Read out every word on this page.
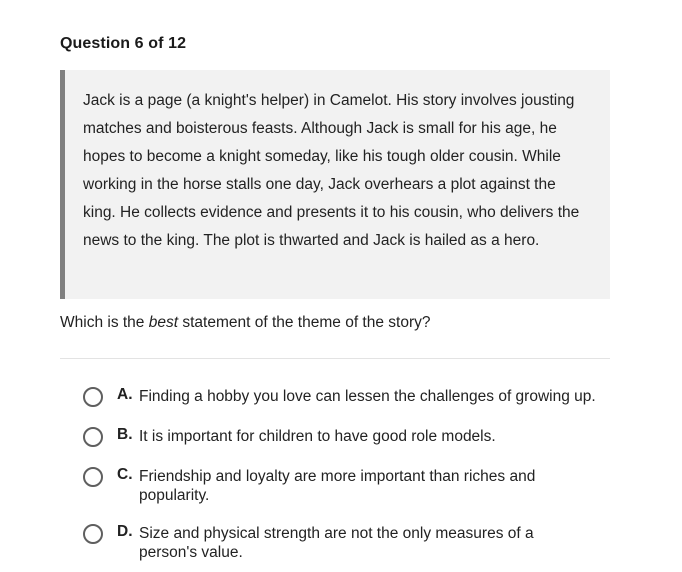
Question 6 of 12
Jack is a page (a knight's helper) in Camelot. His story involves jousting matches and boisterous feasts. Although Jack is small for his age, he hopes to become a knight someday, like his tough older cousin. While working in the horse stalls one day, Jack overhears a plot against the king. He collects evidence and presents it to his cousin, who delivers the news to the king. The plot is thwarted and Jack is hailed as a hero.
Which is the best statement of the theme of the story?
A. Finding a hobby you love can lessen the challenges of growing up.
B. It is important for children to have good role models.
C. Friendship and loyalty are more important than riches and popularity.
D. Size and physical strength are not the only measures of a person's value.
